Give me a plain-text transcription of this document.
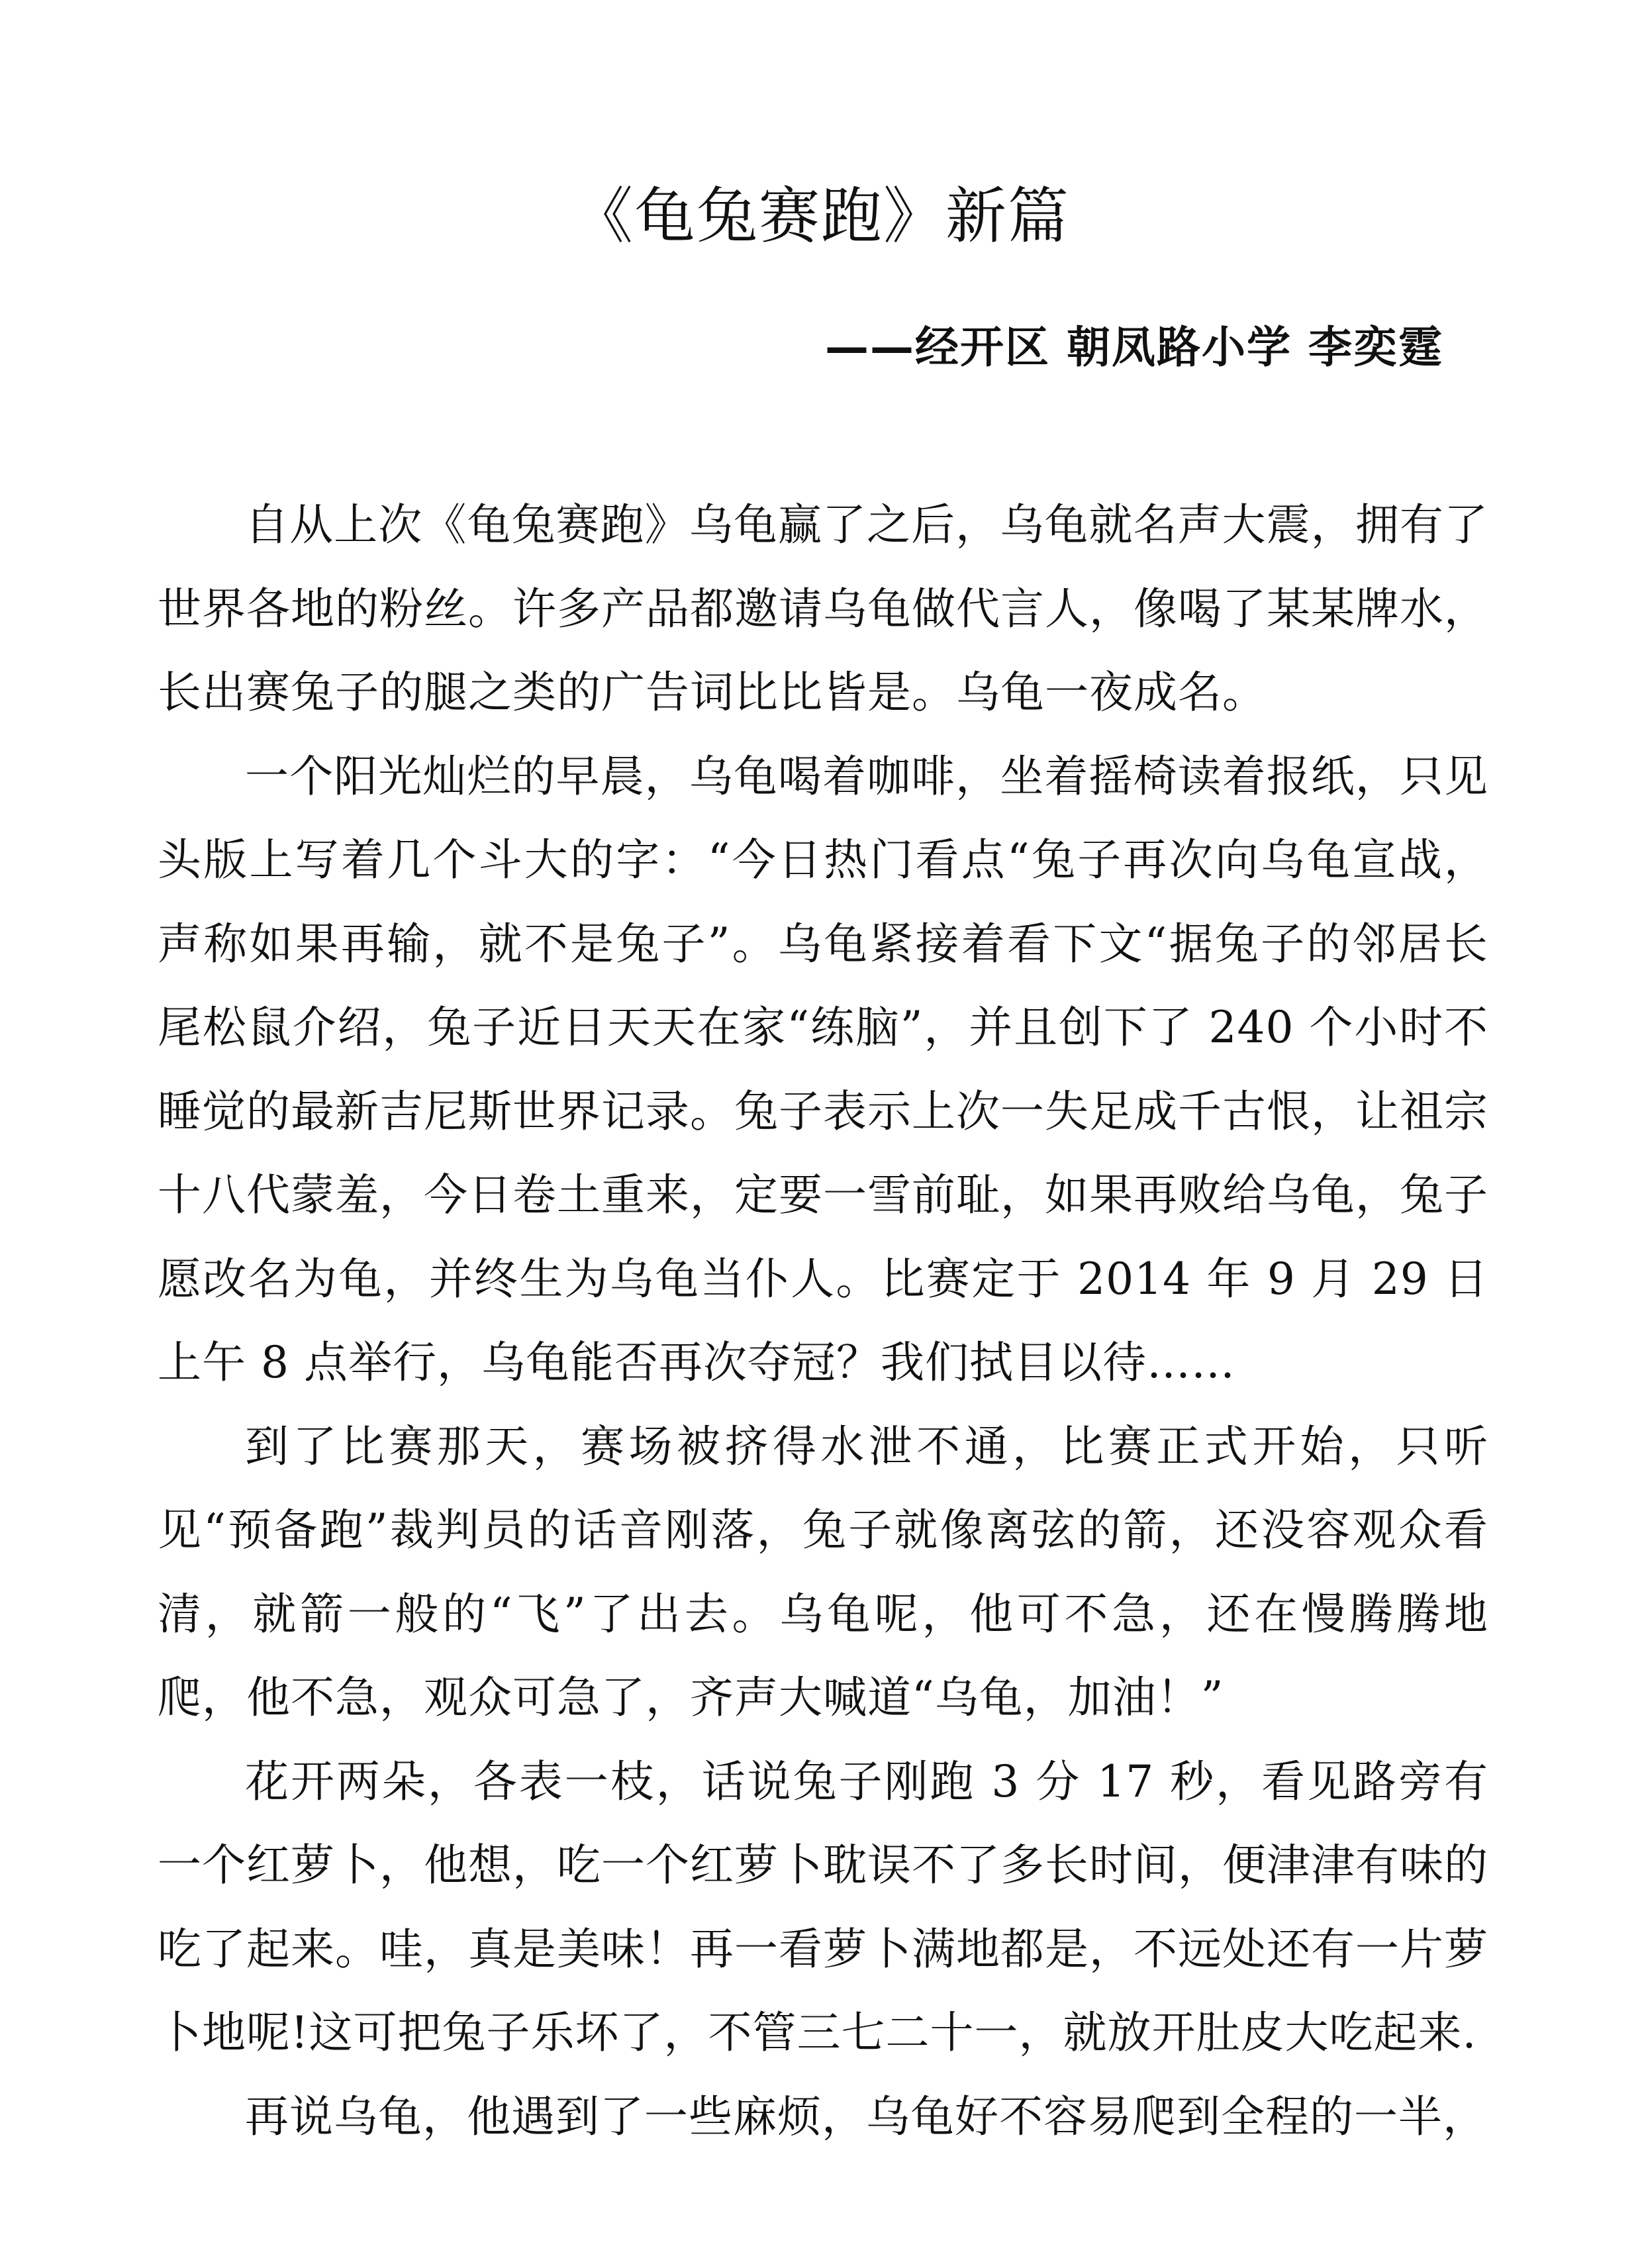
《龟兔赛跑》新篇
——经开区 朝凤路小学 李奕霆

自从上次《龟兔赛跑》乌龟赢了之后，乌龟就名声大震，拥有了世界各地的粉丝。许多产品都邀请乌龟做代言人，像喝了某某牌水，长出赛兔子的腿之类的广告词比比皆是。乌龟一夜成名。

一个阳光灿烂的早晨，乌龟喝着咖啡，坐着摇椅读着报纸，只见头版上写着几个斗大的字：“今日热门看点“兔子再次向乌龟宣战，声称如果再输，就不是兔子”。乌龟紧接着看下文“据兔子的邻居长尾松鼠介绍，兔子近日天天在家“练脑”，并且创下了 240 个小时不睡觉的最新吉尼斯世界记录。兔子表示上次一失足成千古恨，让祖宗十八代蒙羞，今日卷土重来，定要一雪前耻，如果再败给乌龟，兔子愿改名为龟，并终生为乌龟当仆人。比赛定于 2014 年 9 月 29 日上午 8 点举行，乌龟能否再次夺冠？我们拭目以待……

到了比赛那天，赛场被挤得水泄不通，比赛正式开始，只听见“预备跑”裁判员的话音刚落，兔子就像离弦的箭，还没容观众看清，就箭一般的“飞”了出去。乌龟呢，他可不急，还在慢腾腾地爬，他不急，观众可急了，齐声大喊道“乌龟，加油！”

花开两朵，各表一枝，话说兔子刚跑 3 分 17 秒，看见路旁有一个红萝卜，他想，吃一个红萝卜耽误不了多长时间，便津津有味的吃了起来。哇，真是美味！再一看萝卜满地都是，不远处还有一片萝卜地呢!这可把兔子乐坏了，不管三七二十一，就放开肚皮大吃起来.

再说乌龟，他遇到了一些麻烦，乌龟好不容易爬到全程的一半，
